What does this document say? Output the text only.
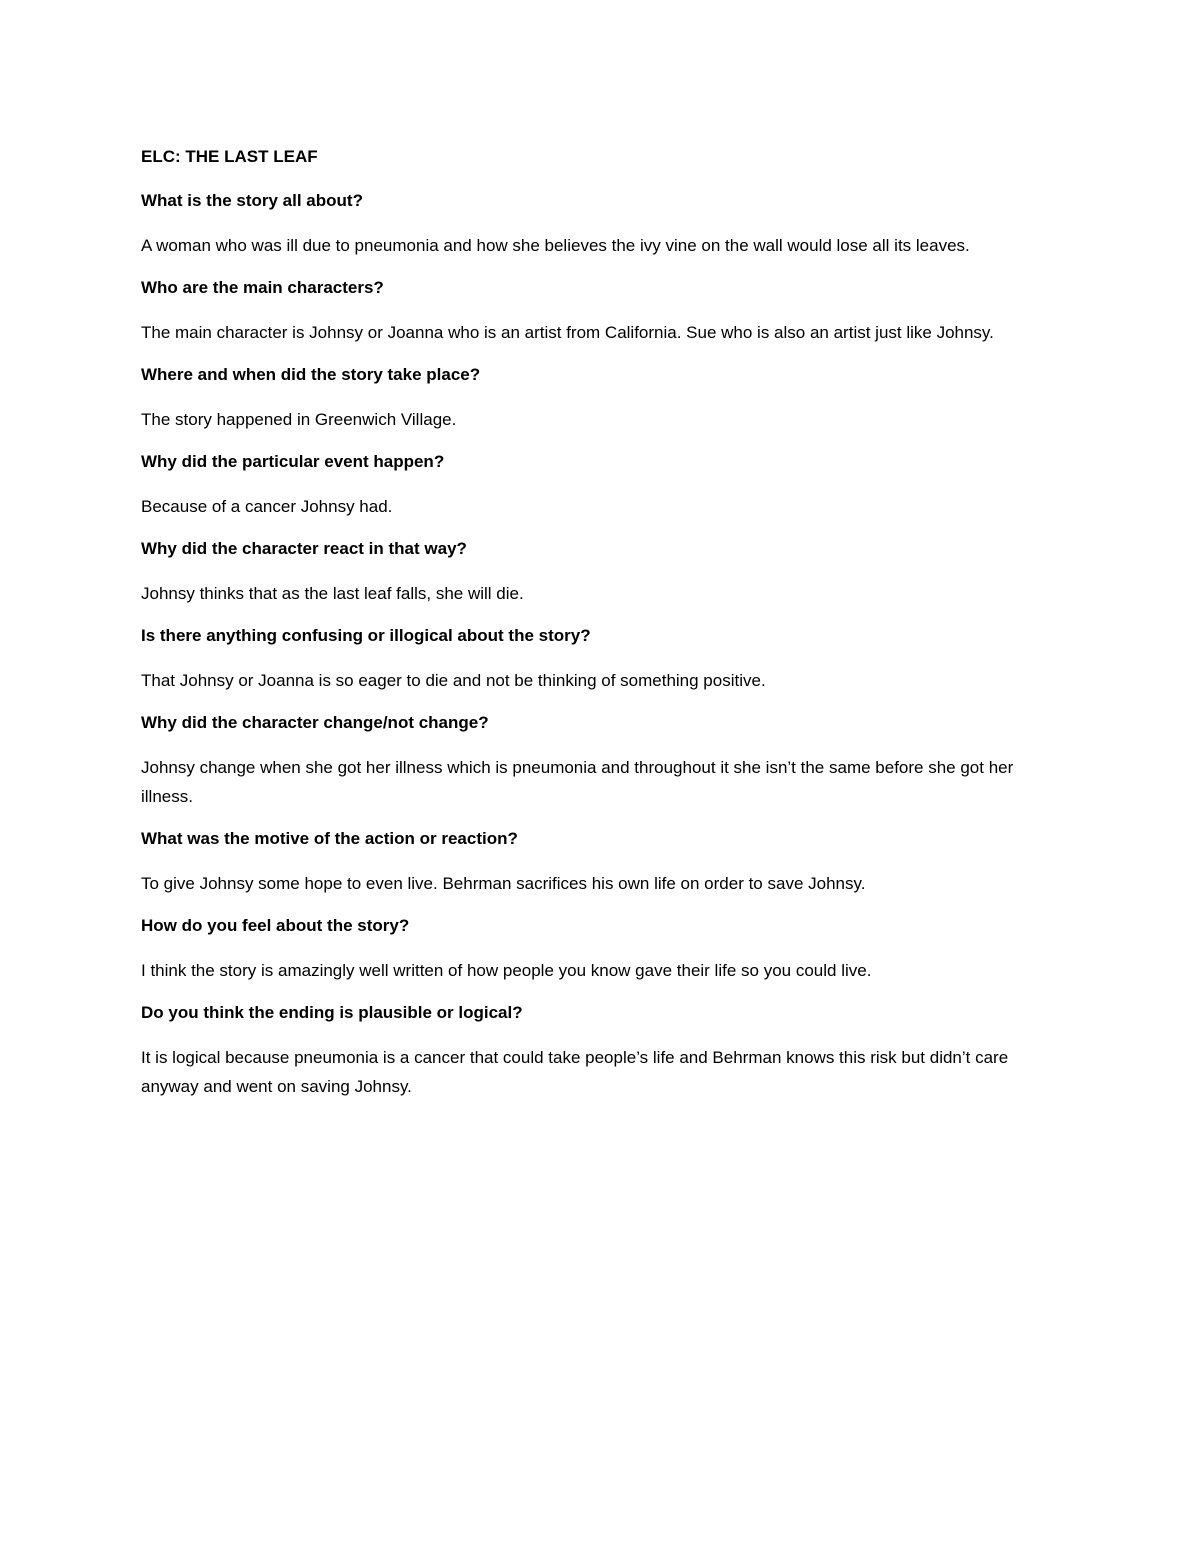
ELC: THE LAST LEAF
What is the story all about?
A woman who was ill due to pneumonia and how she believes the ivy vine on the wall would lose all its leaves.
Who are the main characters?
The main character is Johnsy or Joanna who is an artist from California. Sue who is also an artist just like Johnsy.
Where and when did the story take place?
The story happened in Greenwich Village.
Why did the particular event happen?
Because of a cancer Johnsy had.
Why did the character react in that way?
Johnsy thinks that as the last leaf falls, she will die.
Is there anything confusing or illogical about the story?
That Johnsy or Joanna is so eager to die and not be thinking of something positive.
Why did the character change/not change?
Johnsy change when she got her illness which is pneumonia and throughout it she isn’t the same before she got her illness.
What was the motive of the action or reaction?
To give Johnsy some hope to even live. Behrman sacrifices his own life on order to save Johnsy.
How do you feel about the story?
I think the story is amazingly well written of how people you know gave their life so you could live.
Do you think the ending is plausible or logical?
It is logical because pneumonia is a cancer that could take people’s life and Behrman knows this risk but didn’t care anyway and went on saving Johnsy.
